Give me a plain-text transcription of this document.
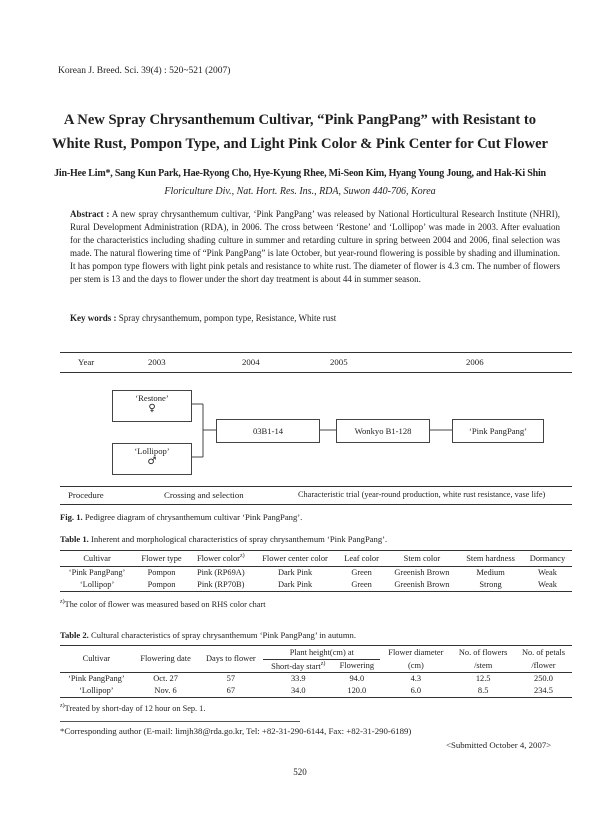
Korean J. Breed. Sci. 39(4) : 520~521 (2007)
A New Spray Chrysanthemum Cultivar, “Pink PangPang” with Resistant to
White Rust, Pompon Type, and Light Pink Color & Pink Center for Cut Flower
Jin-Hee Lim*, Sang Kun Park, Hae-Ryong Cho, Hye-Kyung Rhee, Mi-Seon Kim, Hyang Young Joung, and Hak-Ki Shin
Floriculture Div., Nat. Hort. Res. Ins., RDA, Suwon 440-706, Korea
Abstract : A new spray chrysanthemum cultivar, ‘Pink PangPang’ was released by National Horticultural Research Institute (NHRI), Rural Development Administration (RDA), in 2006. The cross between ‘Restone’ and ‘Lollipop’ was made in 2003. After evaluation for the characteristics including shading culture in summer and retarding culture in spring between 2004 and 2006, final selection was made. The natural flowering time of “Pink PangPang” is late October, but year-round flowering is possible by shading and illumination. It has pompon type flowers with light pink petals and resistance to white rust. The diameter of flower is 4.3 cm. The number of flowers per stem is 13 and the days to flower under the short day treatment is about 44 in summer season.
Key words : Spray chrysanthemum, pompon type, Resistance, White rust
Year	2003	2004	2005	2006
‘Restone’
♀
‘Lollipop’
♂
03B1-14	Wonkyo B1-128	‘Pink PangPang’
Procedure	Crossing and selection	Characteristic trial (year-round production, white rust resistance, vase life)
Fig. 1. Pedigree diagram of chrysanthemum cultivar ‘Pink PangPang’.
Table 1. Inherent and morphological characteristics of spray chrysanthemum ‘Pink PangPang’.
Cultivar	Flower type	Flower color$^{z)}$	Flower center color	Leaf color	Stem color	Stem hardness	Dormancy

‘Pink PangPang’	Pompon	Pink (RP69A)	Dark Pink	Green	Greenish Brown	Medium	Weak
‘Lollipop’	Pompon	Pink (RP70B)	Dark Pink	Green	Greenish Brown	Strong	Weak
$^{z)}$The color of flower was measured based on RHS color chart
Table 2. Cultural characteristics of spray chrysanthemum ‘Pink PangPang’ in autumn.
Cultivar	Flowering date	Days to flower	Plant height(cm) at		Flower diameter	No. of flowers	No. of petals
			Short-day start$^{z)}$	Flowering	(cm)	/stem	/flower

‘Pink PangPang’	Oct. 27	57	33.9	94.0	4.3	12.5	250.0
‘Lollipop’	Nov. 6	67	34.0	120.0	6.0	8.5	234.5
$^{z)}$Treated by short-day of 12 hour on Sep. 1.
*Corresponding author (E-mail: limjh38@rda.go.kr, Tel: +82-31-290-6144, Fax: +82-31-290-6189)
<Submitted October 4, 2007>
520
